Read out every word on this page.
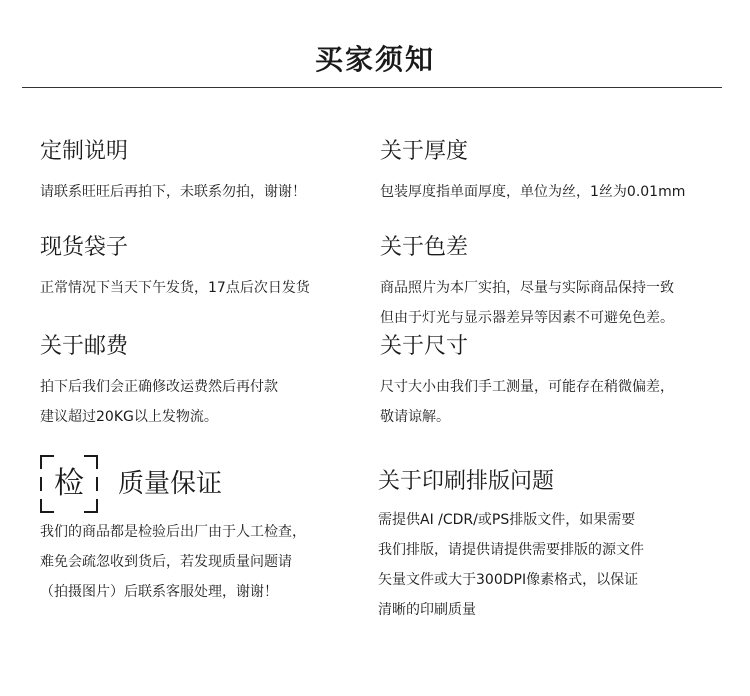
买家须知
定制说明
请联系旺旺后再拍下，未联系勿拍，谢谢！
关于厚度
包装厚度指单面厚度，单位为丝，1丝为0.01mm
现货袋子
正常情况下当天下午发货，17点后次日发货
关于色差
商品照片为本厂实拍，尽量与实际商品保持一致
但由于灯光与显示器差异等因素不可避免色差。
关于邮费
拍下后我们会正确修改运费然后再付款
建议超过20KG以上发物流。
关于尺寸
尺寸大小由我们手工测量，可能存在稍微偏差，
敬请谅解。
检 质量保证
我们的商品都是检验后出厂由于人工检查，
难免会疏忽收到货后，若发现质量问题请
（拍摄图片）后联系客服处理，谢谢！
关于印刷排版问题
需提供AI /CDR/或PS排版文件，如果需要
我们排版，请提供请提供需要排版的源文件
矢量文件或大于300DPI像素格式，以保证
清晰的印刷质量
